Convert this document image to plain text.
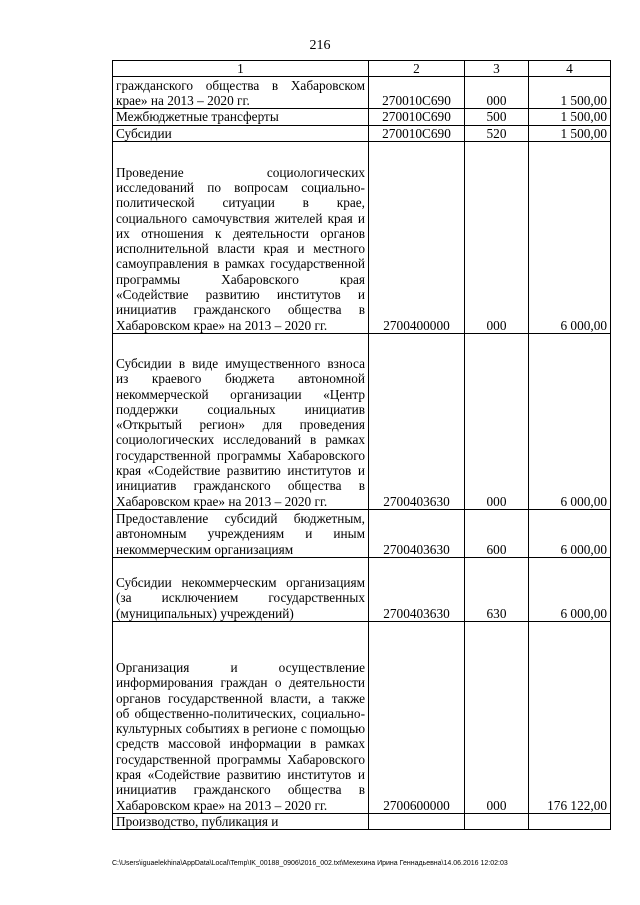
216
1	2	3	4

гражданского общества в Хабаровском крае» на 2013 – 2020 гг.	270010С690	000	1 500,00

Межбюджетные трансферты	270010С690	500	1 500,00

Субсидии	270010С690	520	1 500,00

Проведение социологических исследований по вопросам социально-политической ситуации в крае, социального самочувствия жителей края и их отношения к деятельности органов исполнительной власти края и местного самоуправления в рамках государственной программы Хабаровского края «Содействие развитию институтов и инициатив гражданского общества в Хабаровском крае» на 2013 – 2020 гг.	2700400000	000	6 000,00

Субсидии в виде имущественного взноса из краевого бюджета автономной некоммерческой организации «Центр поддержки социальных инициатив «Открытый регион» для проведения социологических исследований в рамках государственной программы Хабаровского края «Содействие развитию институтов и инициатив гражданского общества в Хабаровском крае» на 2013 – 2020 гг.	2700403630	000	6 000,00

Предоставление субсидий бюджетным, автономным учреждениям и иным некоммерческим организациям	2700403630	600	6 000,00

Субсидии некоммерческим организациям (за исключением государственных (муниципальных) учреждений)	2700403630	630	6 000,00

Организация и осуществление информирования граждан о деятельности органов государственной власти, а также об общественно-политических, социально-культурных событиях в регионе с помощью средств массовой информации в рамках государственной программы Хабаровского края «Содействие развитию институтов и инициатив гражданского общества в Хабаровском крае» на 2013 – 2020 гг.	2700600000	000	176 122,00

Производство, публикация и			

C:\Users\iguaelekhina\AppData\Local\Temp\IK_00188_0906\2016_002.txt\Мехехина Ирина Геннадьевна\14.06.2016 12:02:03
